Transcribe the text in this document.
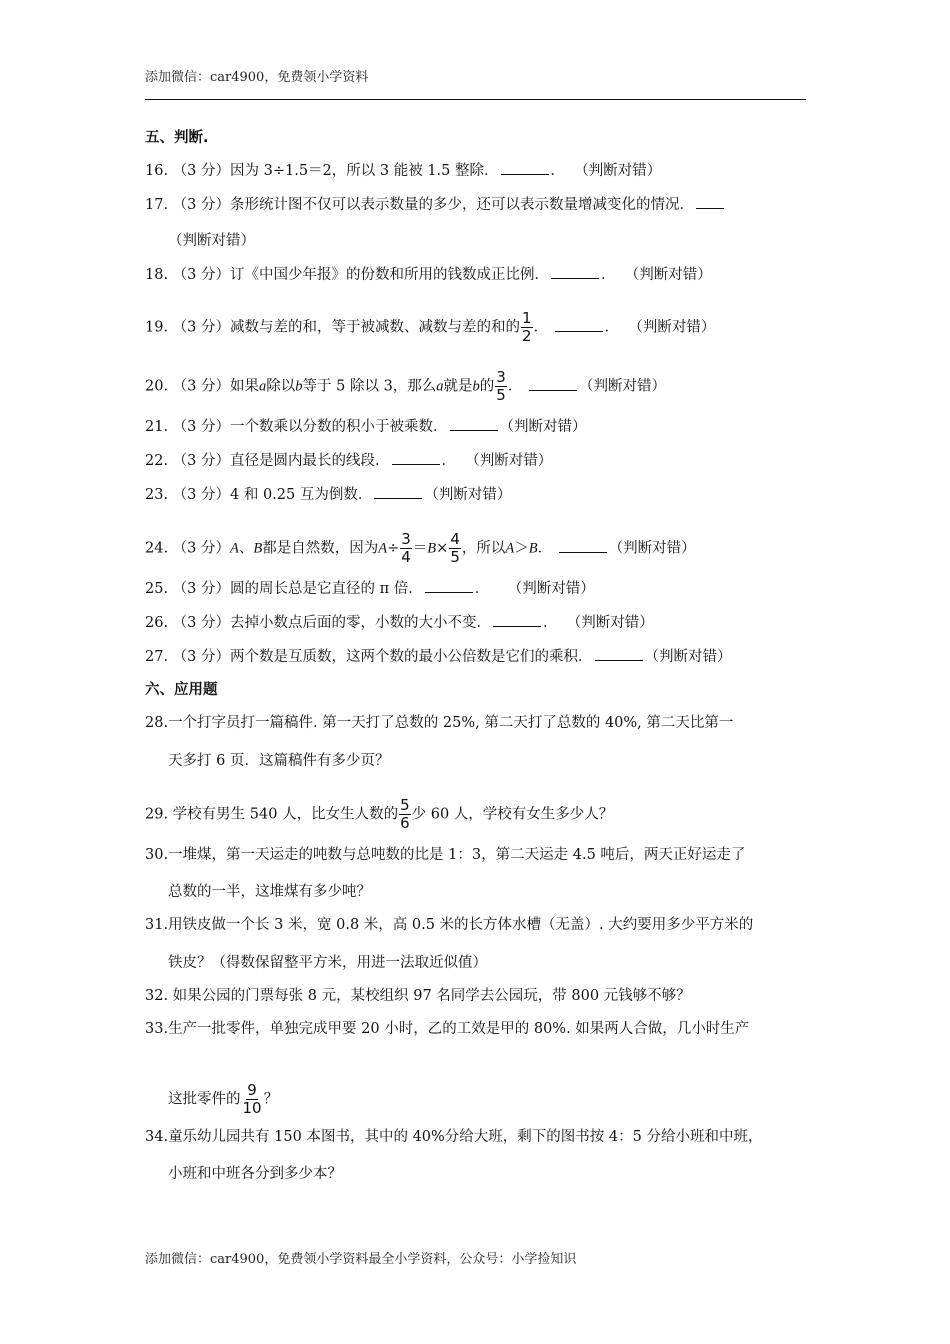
添加微信：car4900，免费领小学资料
五、判断.
16. （3 分）因为 3÷1.5＝2，所以 3 能被 1.5 整除．	． （判断对错）
17. （3 分）条形统计图不仅可以表示数量的多少，还可以表示数量增减变化的情况．
（判断对错）
18. （3 分）订《中国少年报》的份数和所用的钱数成正比例．	． （判断对错）
19. （3 分）减数与差的和，等于被减数、减数与差的和的 $\frac{1}{2}$ ．	． （判断对错）
20. （3 分）如果a除以b等于 5 除以 3，那么a就是b的 $\frac{3}{5}$ ．	（判断对错）
21. （3 分）一个数乘以分数的积小于被乘数．	（判断对错）
22. （3 分）直径是圆内最长的线段．	． （判断对错）
23. （3 分）4 和 0.25 互为倒数．	（判断对错）
24. （3 分）A、B都是自然数，因为$A\div \frac{3}{4} =B\times \frac{4}{5}$ ，所以A＞B．	（判断对错）
25. （3 分）圆的周长总是它直径的 π 倍．	． （判断对错）
26. （3 分）去掉小数点后面的零，小数的大小不变．	． （判断对错）
27. （3 分）两个数是互质数，这两个数的最小公倍数是它们的乘积．	（判断对错）
六、应用题
28.一个打字员打一篇稿件. 第一天打了总数的 25%, 第二天打了总数的 40%, 第二天比第一
天多打 6 页．这篇稿件有多少页？
29. 学校有男生 540 人，比女生人数的 $\frac{5}{6}$ 少 60 人，学校有女生多少人？
30.一堆煤，第一天运走的吨数与总吨数的比是 1：3，第二天运走 4.5 吨后，两天正好运走了
总数的一半，这堆煤有多少吨？
31.用铁皮做一个长 3 米，宽 0.8 米，高 0.5 米的长方体水槽（无盖）. 大约要用多少平方米的
铁皮？（得数保留整平方米，用进一法取近似值）
32. 如果公园的门票每张 8 元，某校组织 97 名同学去公园玩，带 800 元钱够不够？
33.生产一批零件，单独完成甲要 20 小时，乙的工效是甲的 80%. 如果两人合做，几小时生产
这批零件的 $\frac{9}{10}$ ？
34.童乐幼儿园共有 150 本图书，其中的 40%分给大班，剩下的图书按 4：5 分给小班和中班，
小班和中班各分到多少本？
添加微信：car4900，免费领小学资料最全小学资料，公众号：小学捡知识
